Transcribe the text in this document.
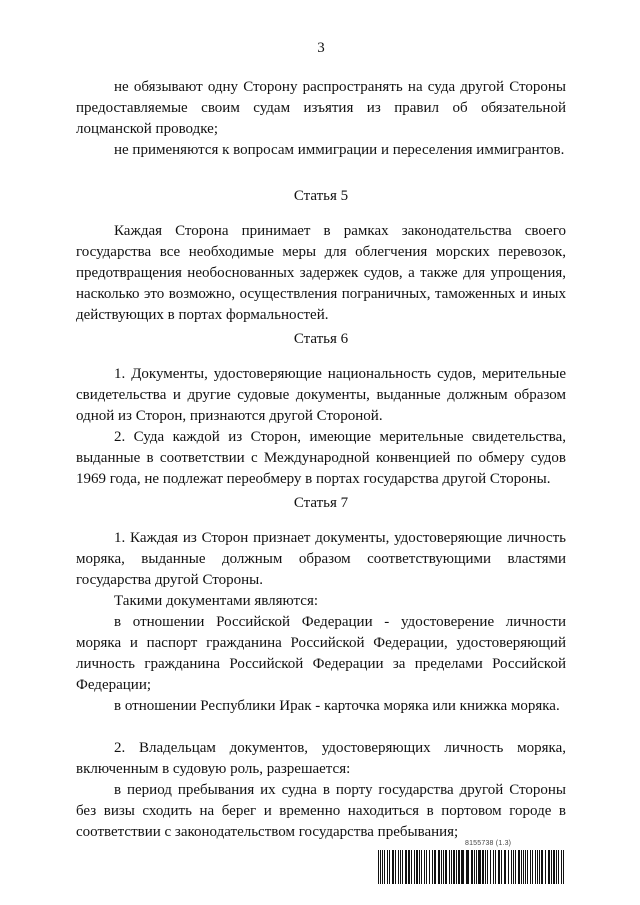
3
не обязывают одну Сторону распространять на суда другой Стороны предоставляемые своим судам изъятия из правил об обязательной лоцманской проводке;
не применяются к вопросам иммиграции и переселения иммигрантов.
Статья 5
Каждая Сторона принимает в рамках законодательства своего государства все необходимые меры для облегчения морских перевозок, предотвращения необоснованных задержек судов, а также для упрощения, насколько это возможно, осуществления пограничных, таможенных и иных действующих в портах формальностей.
Статья 6
1. Документы, удостоверяющие национальность судов, мерительные свидетельства и другие судовые документы, выданные должным образом одной из Сторон, признаются другой Стороной.
2. Суда каждой из Сторон, имеющие мерительные свидетельства, выданные в соответствии с Международной конвенцией по обмеру судов 1969 года, не подлежат переобмеру в портах государства другой Стороны.
Статья 7
1. Каждая из Сторон признает документы, удостоверяющие личность моряка, выданные должным образом соответствующими властями государства другой Стороны.
Такими документами являются:
в отношении Российской Федерации - удостоверение личности моряка и паспорт гражданина Российской Федерации, удостоверяющий личность гражданина Российской Федерации за пределами Российской Федерации;
в отношении Республики Ирак - карточка моряка или книжка моряка.
2. Владельцам документов, удостоверяющих личность моряка, включенным в судовую роль, разрешается:
в период пребывания их судна в порту государства другой Стороны без визы сходить на берег и временно находиться в портовом городе в соответствии с законодательством государства пребывания;
8155738 (1.3)
